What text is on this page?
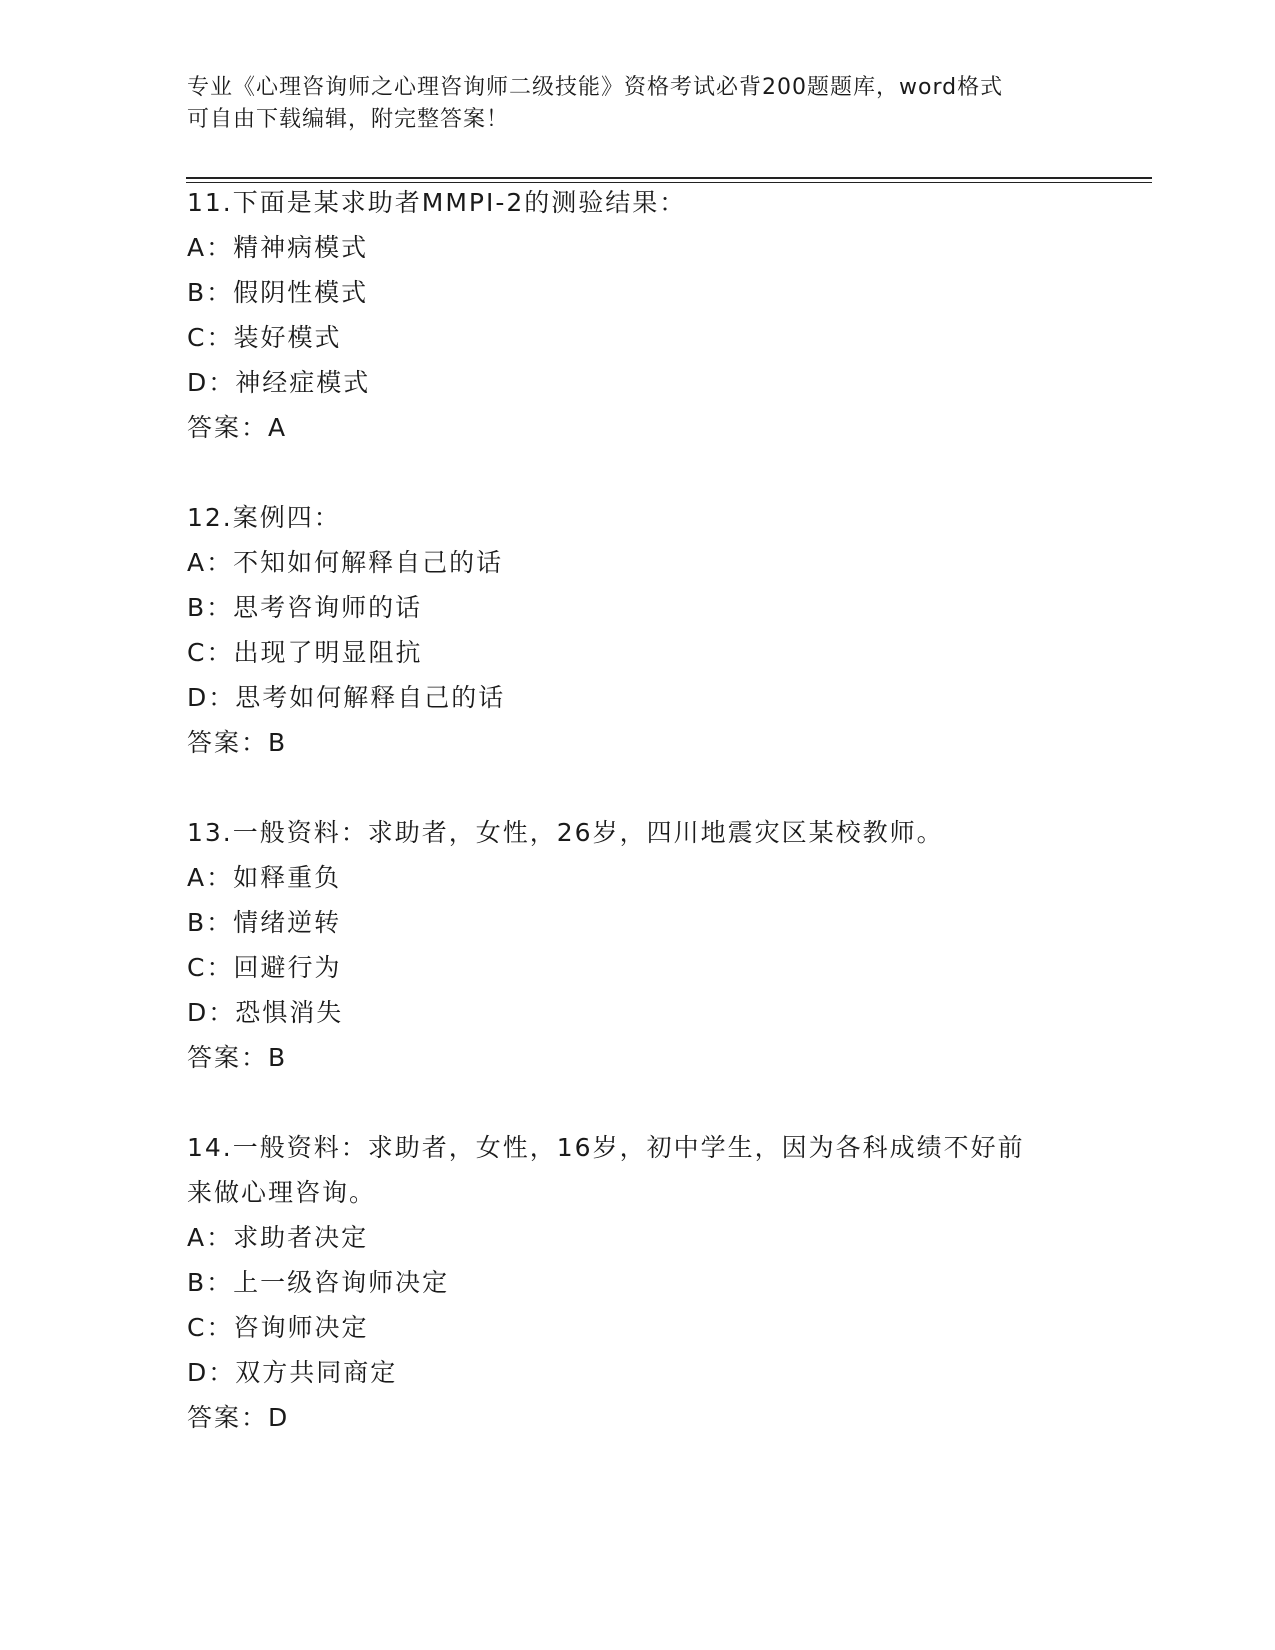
专业《心理咨询师之心理咨询师二级技能》资格考试必背200题题库，word格式
可自由下载编辑，附完整答案！
11.下面是某求助者MMPI-2的测验结果：
A：精神病模式
B：假阴性模式
C：装好模式
D：神经症模式
答案：A
12.案例四：
A：不知如何解释自己的话
B：思考咨询师的话
C：出现了明显阻抗
D：思考如何解释自己的话
答案：B
13.一般资料：求助者，女性，26岁，四川地震灾区某校教师。
A：如释重负
B：情绪逆转
C：回避行为
D：恐惧消失
答案：B
14.一般资料：求助者，女性，16岁，初中学生，因为各科成绩不好前
来做心理咨询。
A：求助者决定
B：上一级咨询师决定
C：咨询师决定
D：双方共同商定
答案：D
